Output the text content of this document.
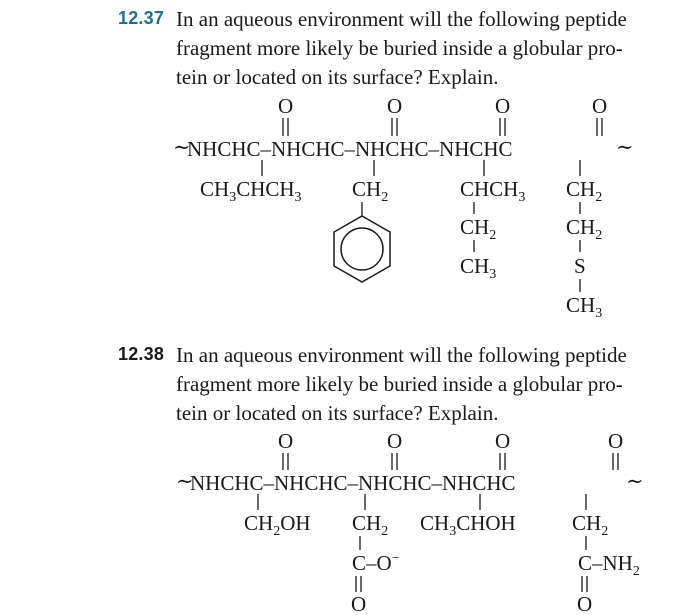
12.37 In an aqueous environment will the following peptide
fragment more likely be buried inside a globular pro-
tein or located on its surface? Explain.
O	O	O	O
∼
NHCHC–NHCHC–NHCHC–NHCHC	∼
$CH_3CHCH_3$ $CH_2$	$CHCH_3$ $CH_2$
$CH_2$	$CH_2$
$CH_3$	S
$CH_3$
12.38 In an aqueous environment will the following peptide
fragment more likely be buried inside a globular pro-
tein or located on its surface? Explain.
O	O	O	O
∼
NHCHC–NHCHC–NHCHC–NHCHC	∼
$CH_2OH$ $CH_2$ $CH_3CHOH$	$CH_2$
C–O−	$C-NH_2$
O	O
